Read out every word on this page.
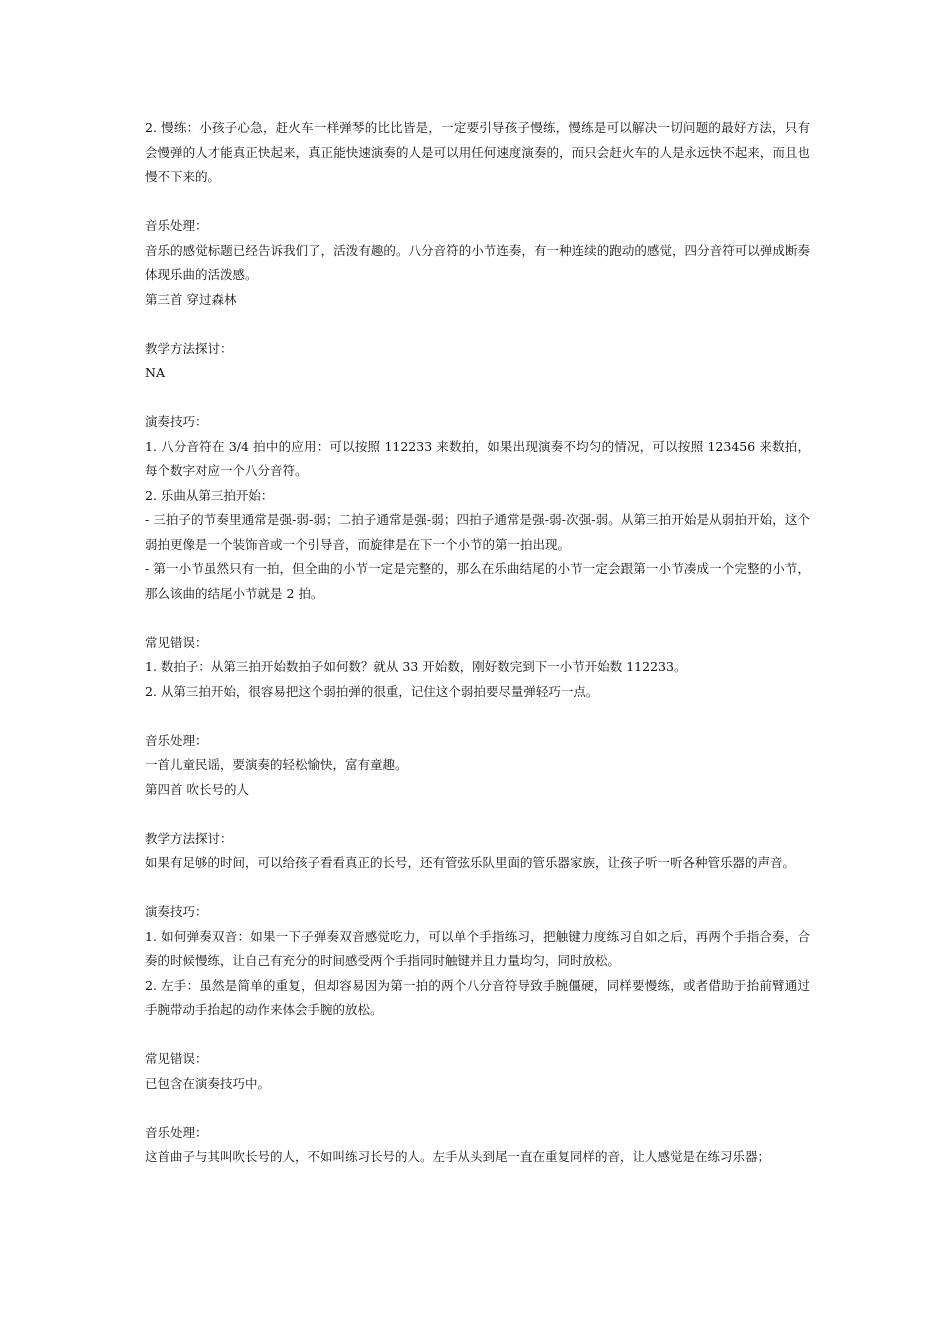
2. 慢练：小孩子心急，赶火车一样弹琴的比比皆是，一定要引导孩子慢练，慢练是可以解决一切问题的最好方法，只有会慢弹的人才能真正快起来，真正能快速演奏的人是可以用任何速度演奏的，而只会赶火车的人是永远快不起来，而且也慢不下来的。

音乐处理：

音乐的感觉标题已经告诉我们了，活泼有趣的。八分音符的小节连奏，有一种连续的跑动的感觉，四分音符可以弹成断奏体现乐曲的活泼感。

第三首 穿过森林

教学方法探讨：

NA

演奏技巧：

1. 八分音符在 3/4 拍中的应用：可以按照 112233 来数拍，如果出现演奏不均匀的情况，可以按照 123456 来数拍，每个数字对应一个八分音符。

2. 乐曲从第三拍开始：

- 三拍子的节奏里通常是强-弱-弱；二拍子通常是强-弱；四拍子通常是强-弱-次强-弱。从第三拍开始是从弱拍开始，这个弱拍更像是一个装饰音或一个引导音，而旋律是在下一个小节的第一拍出现。

- 第一小节虽然只有一拍，但全曲的小节一定是完整的，那么在乐曲结尾的小节一定会跟第一小节凑成一个完整的小节，那么该曲的结尾小节就是 2 拍。

常见错误：

1. 数拍子：从第三拍开始数拍子如何数？就从 33 开始数，刚好数完到下一小节开始数 112233。

2. 从第三拍开始，很容易把这个弱拍弹的很重，记住这个弱拍要尽量弹轻巧一点。

音乐处理：

一首儿童民谣，要演奏的轻松愉快，富有童趣。

第四首 吹长号的人

教学方法探讨：

如果有足够的时间，可以给孩子看看真正的长号，还有管弦乐队里面的管乐器家族，让孩子听一听各种管乐器的声音。

演奏技巧：

1. 如何弹奏双音：如果一下子弹奏双音感觉吃力，可以单个手指练习，把触键力度练习自如之后，再两个手指合奏，合奏的时候慢练，让自己有充分的时间感受两个手指同时触键并且力量均匀，同时放松。

2. 左手：虽然是简单的重复，但却容易因为第一拍的两个八分音符导致手腕僵硬，同样要慢练，或者借助于抬前臂通过手腕带动手抬起的动作来体会手腕的放松。

常见错误：

已包含在演奏技巧中。

音乐处理：

这首曲子与其叫吹长号的人，不如叫练习长号的人。左手从头到尾一直在重复同样的音，让人感觉是在练习乐器；
